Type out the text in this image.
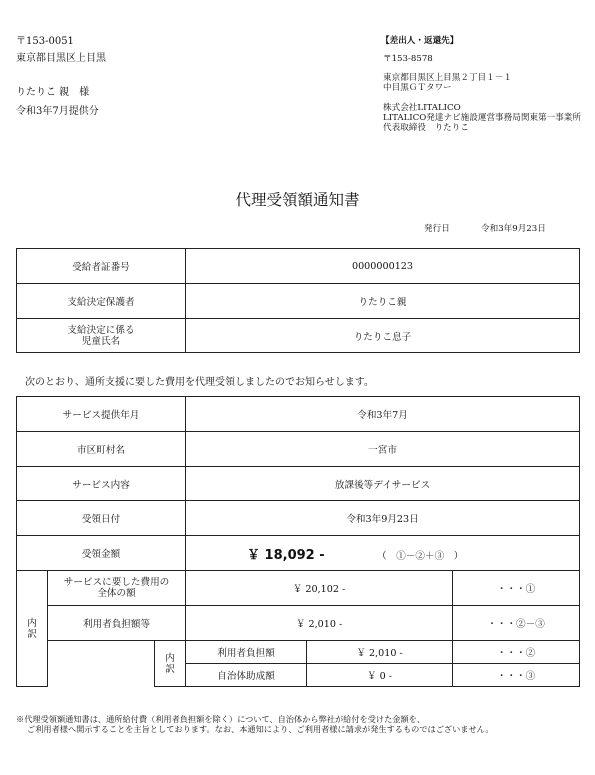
〒153-0051
東京都目黒区上目黒
りたりこ 親　様
令和3年7月提供分
【差出人・返還先】
〒153-8578
東京都目黒区上目黒２丁目１－１
中目黒ＧＴタワー
株式会社LITALICO
LITALICO発達ナビ施設運営事務局関東第一事業所
代表取締役　りたりこ
代理受領額通知書
発行日	令和3年9月23日
受給者証番号	0000000123
支給決定保護者	りたりこ親
支給決定に係る児童氏名	りたりこ息子
次のとおり、通所支援に要した費用を代理受領しましたのでお知らせします。
サービス提供年月			令和3年7月		
市区町村名			一宮市		
サービス内容			放課後等デイサービス		
受領日付			令和3年9月23日		
受領金額			￥ 18,092 - （　①－②＋③　）		
内訳	サービスに要した費用の全体の額		￥ 20,102 -		・・・①
	利用者負担額等		￥ 2,010 -		・・・②－③
		内訳	利用者負担額	￥ 2,010 -	・・・②
			自治体助成額	￥ 0 -	・・・③
※代理受領額通知書は、通所給付費（利用者負担額を除く）について、自治体から弊社が給付を受けた金額を、
ご利用者様へ開示することを主旨としております。なお、本通知により、ご利用者様に請求が発生するものではございません。
